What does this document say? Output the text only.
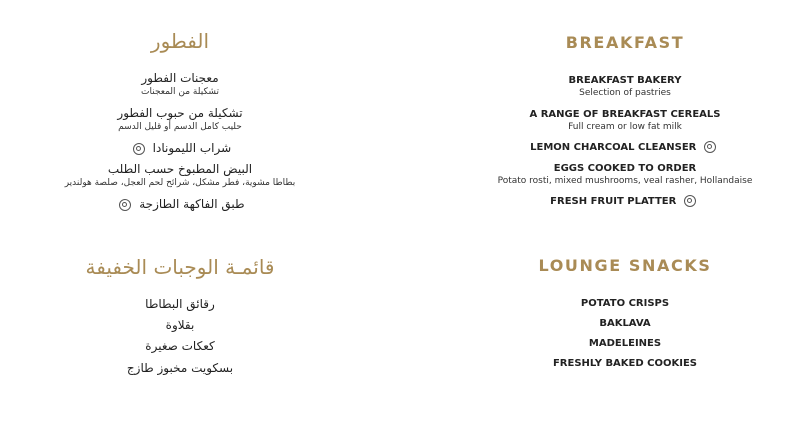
الفطور
معجنات الفطور
تشكيلة من المعجنات
تشكيلة من حبوب الفطور
حليب كامل الدسم أو قليل الدسم
شراب الليمونادا
البيض المطبوخ حسب الطلب
بطاطا مشوية، فطر مشكل، شرائح لحم العجل، صلصة هولندير
طبق الفاكهة الطازجة
قائمـة الوجبات الخفيفة
رقائق البطاطا
بقلاوة
كعكات صغيرة
بسكويت مخبوز طازج
BREAKFAST
BREAKFAST BAKERY
Selection of pastries
A RANGE OF BREAKFAST CEREALS
Full cream or low fat milk
LEMON CHARCOAL CLEANSER
EGGS COOKED TO ORDER
Potato rosti, mixed mushrooms, veal rasher, Hollandaise
FRESH FRUIT PLATTER
LOUNGE SNACKS
POTATO CRISPS
BAKLAVA
MADELEINES
FRESHLY BAKED COOKIES
